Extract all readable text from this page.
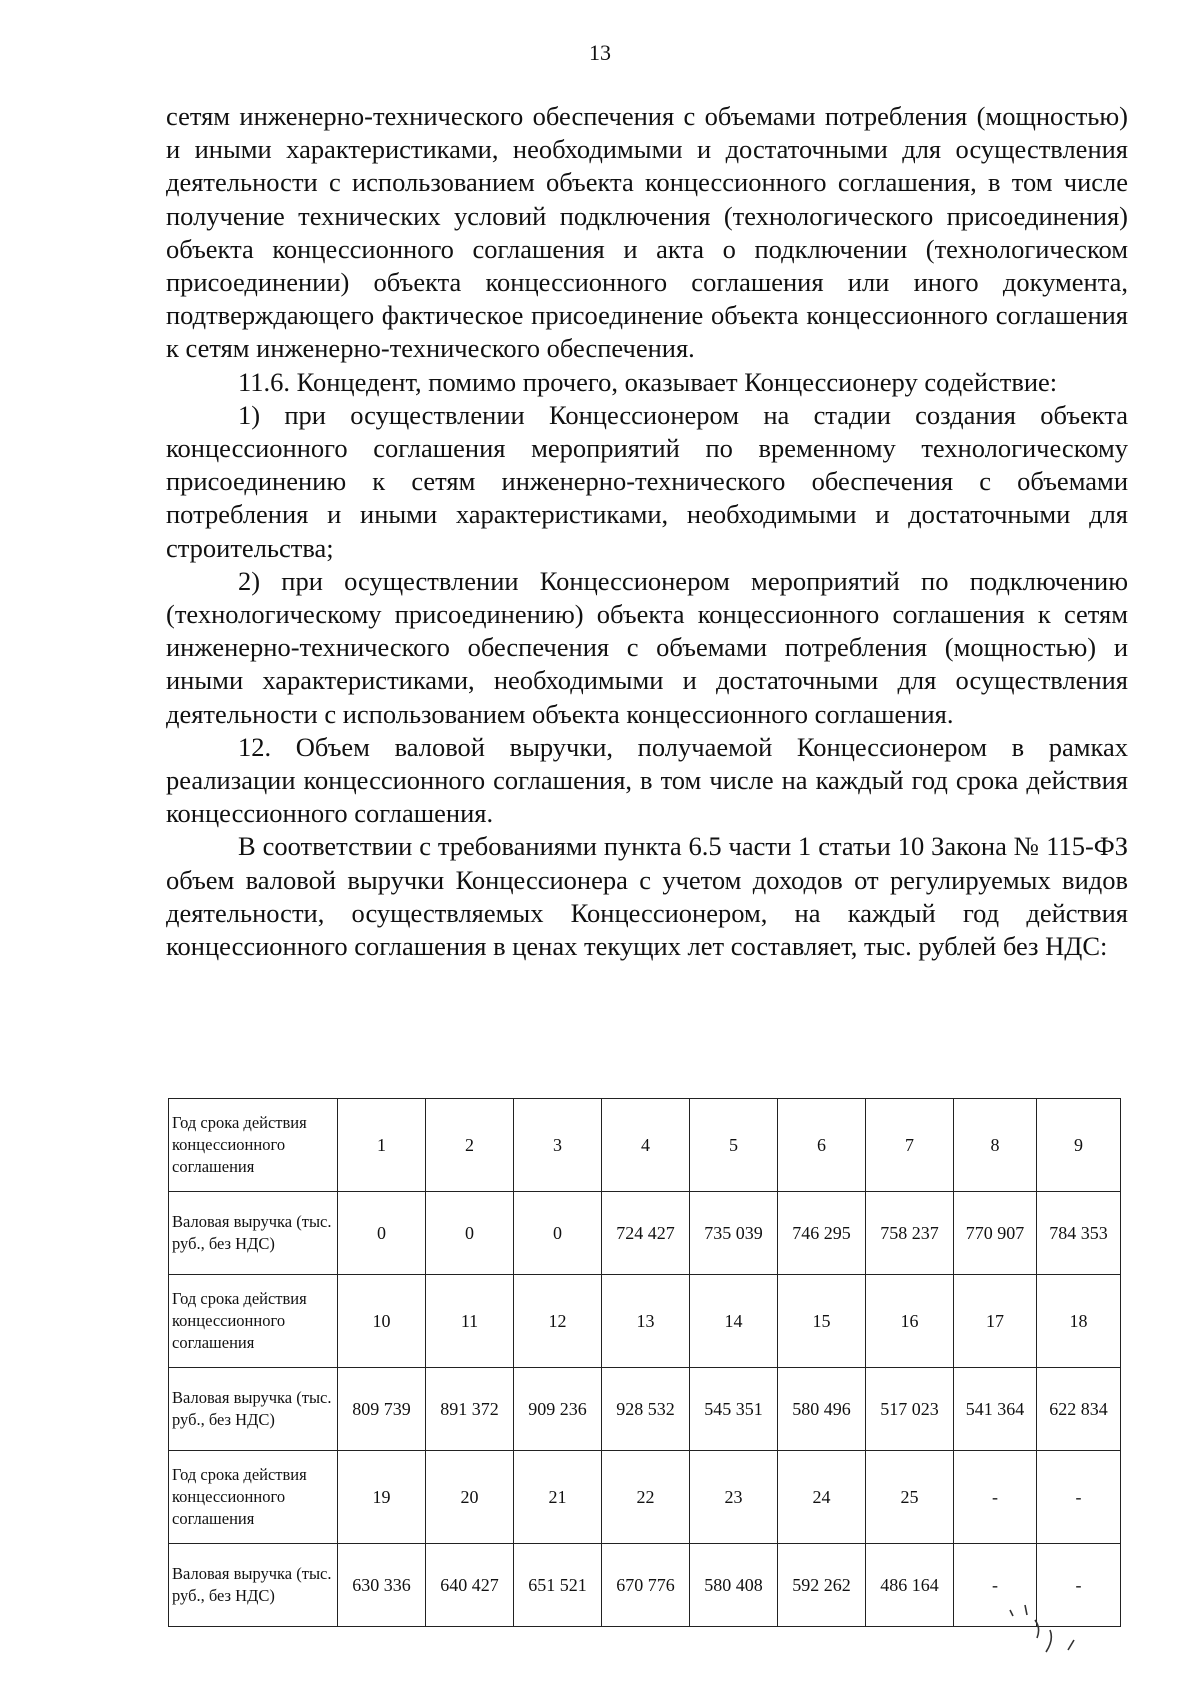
13

сетям инженерно-технического обеспечения с объемами потребления (мощностью) и иными характеристиками, необходимыми и достаточными для осуществления деятельности с использованием объекта концессионного соглашения, в том числе получение технических условий подключения (технологического присоединения) объекта концессионного соглашения и акта о подключении (технологическом присоединении) объекта концессионного соглашения или иного документа, подтверждающего фактическое присоединение объекта концессионного соглашения к сетям инженерно-технического обеспечения.

11.6. Концедент, помимо прочего, оказывает Концессионеру содействие:

1) при осуществлении Концессионером на стадии создания объекта концессионного соглашения мероприятий по временному технологическому присоединению к сетям инженерно-технического обеспечения с объемами потребления и иными характеристиками, необходимыми и достаточными для строительства;

2) при осуществлении Концессионером мероприятий по подключению (технологическому присоединению) объекта концессионного соглашения к сетям инженерно-технического обеспечения с объемами потребления (мощностью) и иными характеристиками, необходимыми и достаточными для осуществления деятельности с использованием объекта концессионного соглашения.

12. Объем валовой выручки, получаемой Концессионером в рамках реализации концессионного соглашения, в том числе на каждый год срока действия концессионного соглашения.

В соответствии с требованиями пункта 6.5 части 1 статьи 10 Закона № 115-ФЗ объем валовой выручки Концессионера с учетом доходов от регулируемых видов деятельности, осуществляемых Концессионером, на каждый год действия концессионного соглашения в ценах текущих лет составляет, тыс. рублей без НДС:

Год срока действия концессионного соглашения	1	2	3	4	5	6	7	8	9
Валовая выручка (тыс. руб., без НДС)	0	0	0	724 427	735 039	746 295	758 237	770 907	784 353
Год срока действия концессионного соглашения	10	11	12	13	14	15	16	17	18
Валовая выручка (тыс. руб., без НДС)	809 739	891 372	909 236	928 532	545 351	580 496	517 023	541 364	622 834
Год срока действия концессионного соглашения	19	20	21	22	23	24	25	-	-
Валовая выручка (тыс. руб., без НДС)	630 336	640 427	651 521	670 776	580 408	592 262	486 164	-	-
